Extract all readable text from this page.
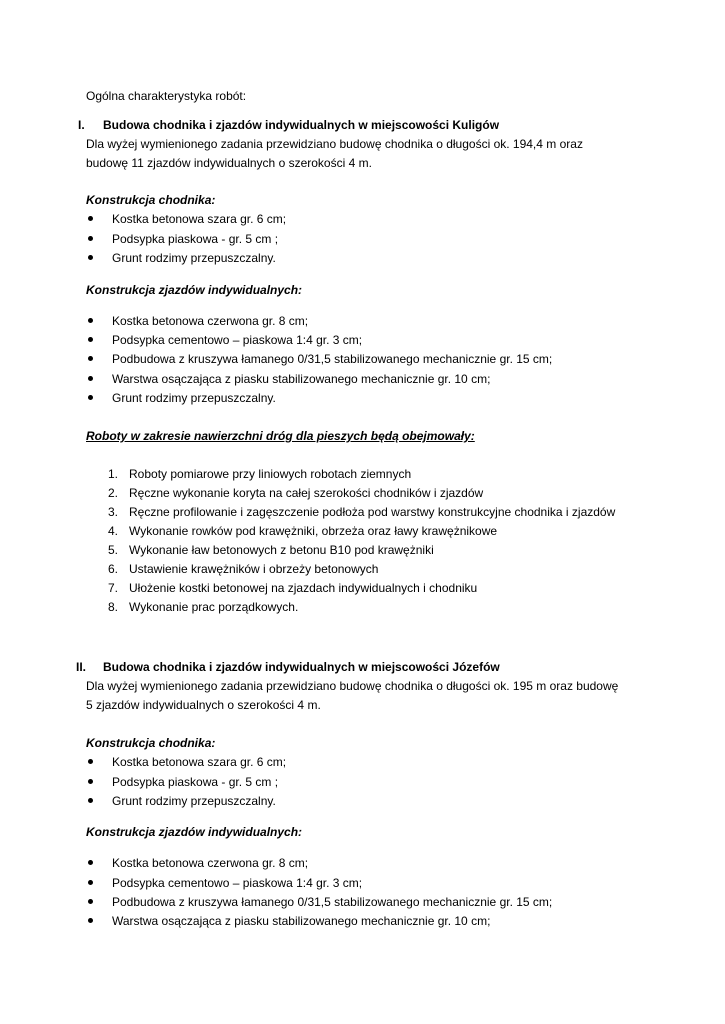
Ogólna charakterystyka robót:
I. Budowa chodnika i zjazdów indywidualnych w miejscowości Kuligów
Dla wyżej wymienionego zadania przewidziano budowę chodnika o długości ok. 194,4 m oraz
budowę 11 zjazdów indywidualnych o szerokości 4 m.
Konstrukcja chodnika:
Kostka betonowa szara gr. 6 cm;
Podsypka piaskowa - gr. 5 cm ;
Grunt rodzimy przepuszczalny.
Konstrukcja zjazdów indywidualnych:
Kostka betonowa czerwona gr. 8 cm;
Podsypka cementowo – piaskowa 1:4 gr. 3 cm;
Podbudowa z kruszywa łamanego 0/31,5 stabilizowanego mechanicznie gr. 15 cm;
Warstwa osączająca z piasku stabilizowanego mechanicznie gr. 10 cm;
Grunt rodzimy przepuszczalny.
Roboty w zakresie nawierzchni dróg dla pieszych będą obejmowały:
1. Roboty pomiarowe przy liniowych robotach ziemnych
2. Ręczne wykonanie koryta na całej szerokości chodników i zjazdów
3. Ręczne profilowanie i zagęszczenie podłoża pod warstwy konstrukcyjne chodnika i zjazdów
4. Wykonanie rowków pod krawężniki, obrzeża oraz ławy krawężnikowe
5. Wykonanie ław betonowych z betonu B10 pod krawężniki
6. Ustawienie krawężników i obrzeży betonowych
7. Ułożenie kostki betonowej na zjazdach indywidualnych i chodniku
8. Wykonanie prac porządkowych.
II. Budowa chodnika i zjazdów indywidualnych w miejscowości Józefów
Dla wyżej wymienionego zadania przewidziano budowę chodnika o długości ok. 195 m oraz budowę
5 zjazdów indywidualnych o szerokości 4 m.
Konstrukcja chodnika:
Kostka betonowa szara gr. 6 cm;
Podsypka piaskowa - gr. 5 cm ;
Grunt rodzimy przepuszczalny.
Konstrukcja zjazdów indywidualnych:
Kostka betonowa czerwona gr. 8 cm;
Podsypka cementowo – piaskowa 1:4 gr. 3 cm;
Podbudowa z kruszywa łamanego 0/31,5 stabilizowanego mechanicznie gr. 15 cm;
Warstwa osączająca z piasku stabilizowanego mechanicznie gr. 10 cm;
